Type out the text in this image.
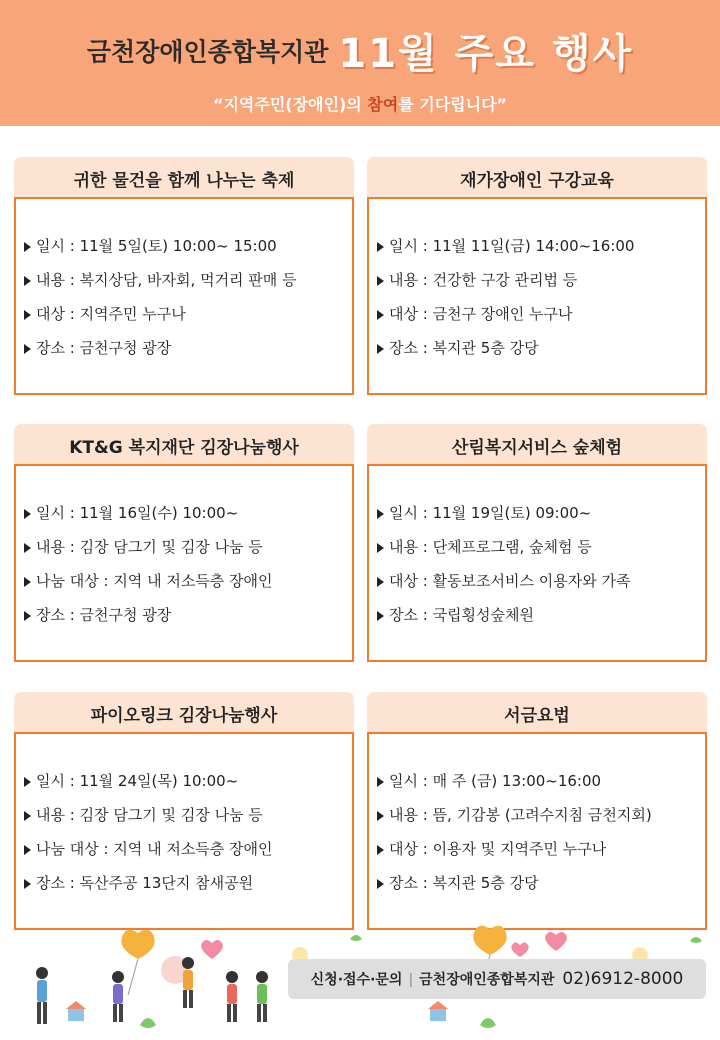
금천장애인종합복지관 11월 주요 행사
“지역주민(장애인)의 참여를 기다립니다”
귀한 물건을 함께 나누는 축제
일시 : 11월 5일(토) 10:00~ 15:00
내용 : 복지상담, 바자회, 먹거리 판매 등
대상 : 지역주민 누구나
장소 : 금천구청 광장
재가장애인 구강교육
일시 : 11월 11일(금) 14:00~16:00
내용 : 건강한 구강 관리법 등
대상 : 금천구 장애인 누구나
장소 : 복지관 5층 강당
KT&G 복지재단 김장나눔행사
일시 : 11월 16일(수) 10:00~
내용 : 김장 담그기 및 김장 나눔 등
나눔 대상 : 지역 내 저소득층 장애인
장소 : 금천구청 광장
산림복지서비스 숲체험
일시 : 11월 19일(토) 09:00~
내용 : 단체프로그램, 숲체험 등
대상 : 활동보조서비스 이용자와 가족
장소 : 국립횡성숲체원
파이오링크 김장나눔행사
일시 : 11월 24일(목) 10:00~
내용 : 김장 담그기 및 김장 나눔 등
나눔 대상 : 지역 내 저소득층 장애인
장소 : 독산주공 13단지 참새공원
서금요법
일시 : 매 주 (금) 13:00~16:00
내용 : 뜸, 기감봉 (고려수지침 금천지회)
대상 : 이용자 및 지역주민 누구나
장소 : 복지관 5층 강당
신청·접수·문의 | 금천장애인종합복지관 02)6912-8000
